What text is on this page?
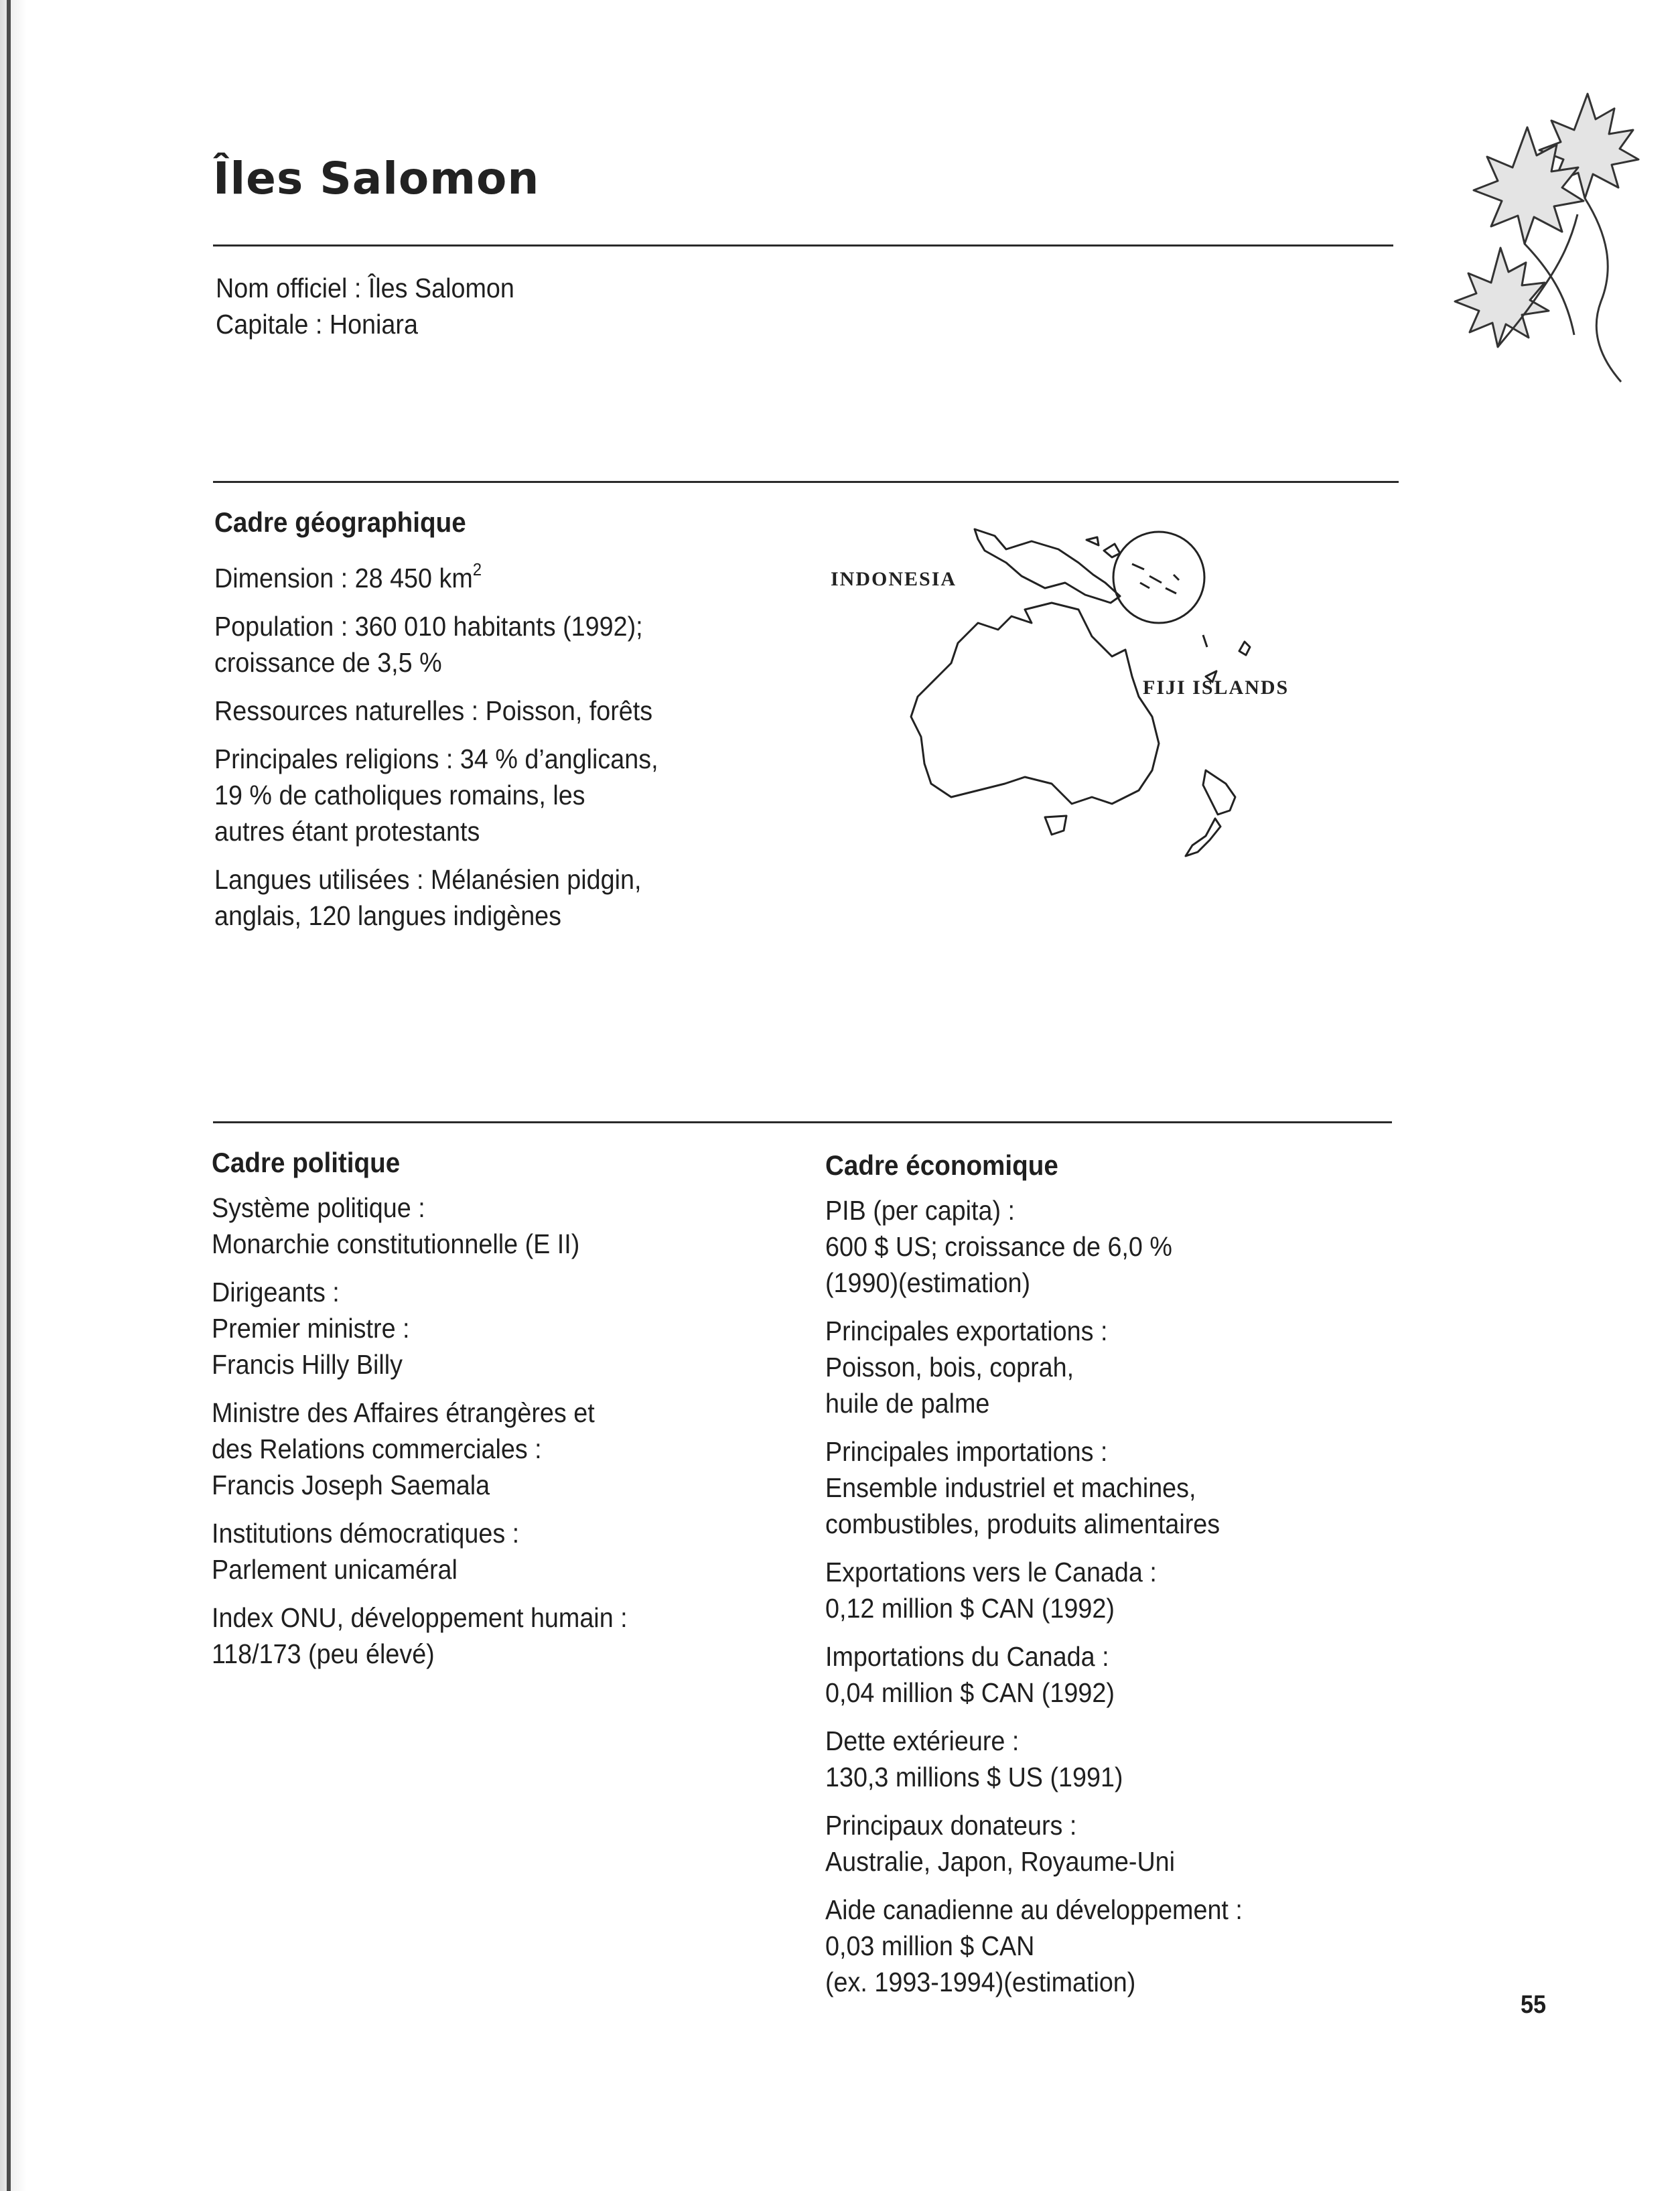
Îles Salomon
Nom officiel : Îles Salomon
Capitale : Honiara
Cadre géographique
Dimension : 28 450 $km^2$
Population : 360 010 habitants (1992);
croissance de 3,5 %
Ressources naturelles : Poisson, forêts
Principales religions : 34 % d’anglicans,
19 % de catholiques romains, les
autres étant protestants
Langues utilisées : Mélanésien pidgin,
anglais, 120 langues indigènes
INDONESIA
FIJI ISLANDS
Cadre politique
Système politique :
Monarchie constitutionnelle (E II)
Dirigeants :
Premier ministre :
Francis Hilly Billy
Ministre des Affaires étrangères et
des Relations commerciales :
Francis Joseph Saemala
Institutions démocratiques :
Parlement unicaméral
Index ONU, développement humain :
118/173 (peu élevé)
Cadre économique
PIB (per capita) :
600 $ US; croissance de 6,0 %
(1990)(estimation)
Principales exportations :
Poisson, bois, coprah,
huile de palme
Principales importations :
Ensemble industriel et machines,
combustibles, produits alimentaires
Exportations vers le Canada :
0,12 million $ CAN (1992)
Importations du Canada :
0,04 million $ CAN (1992)
Dette extérieure :
130,3 millions $ US (1991)
Principaux donateurs :
Australie, Japon, Royaume-Uni
Aide canadienne au développement :
0,03 million $ CAN
(ex. 1993-1994)(estimation)
55
